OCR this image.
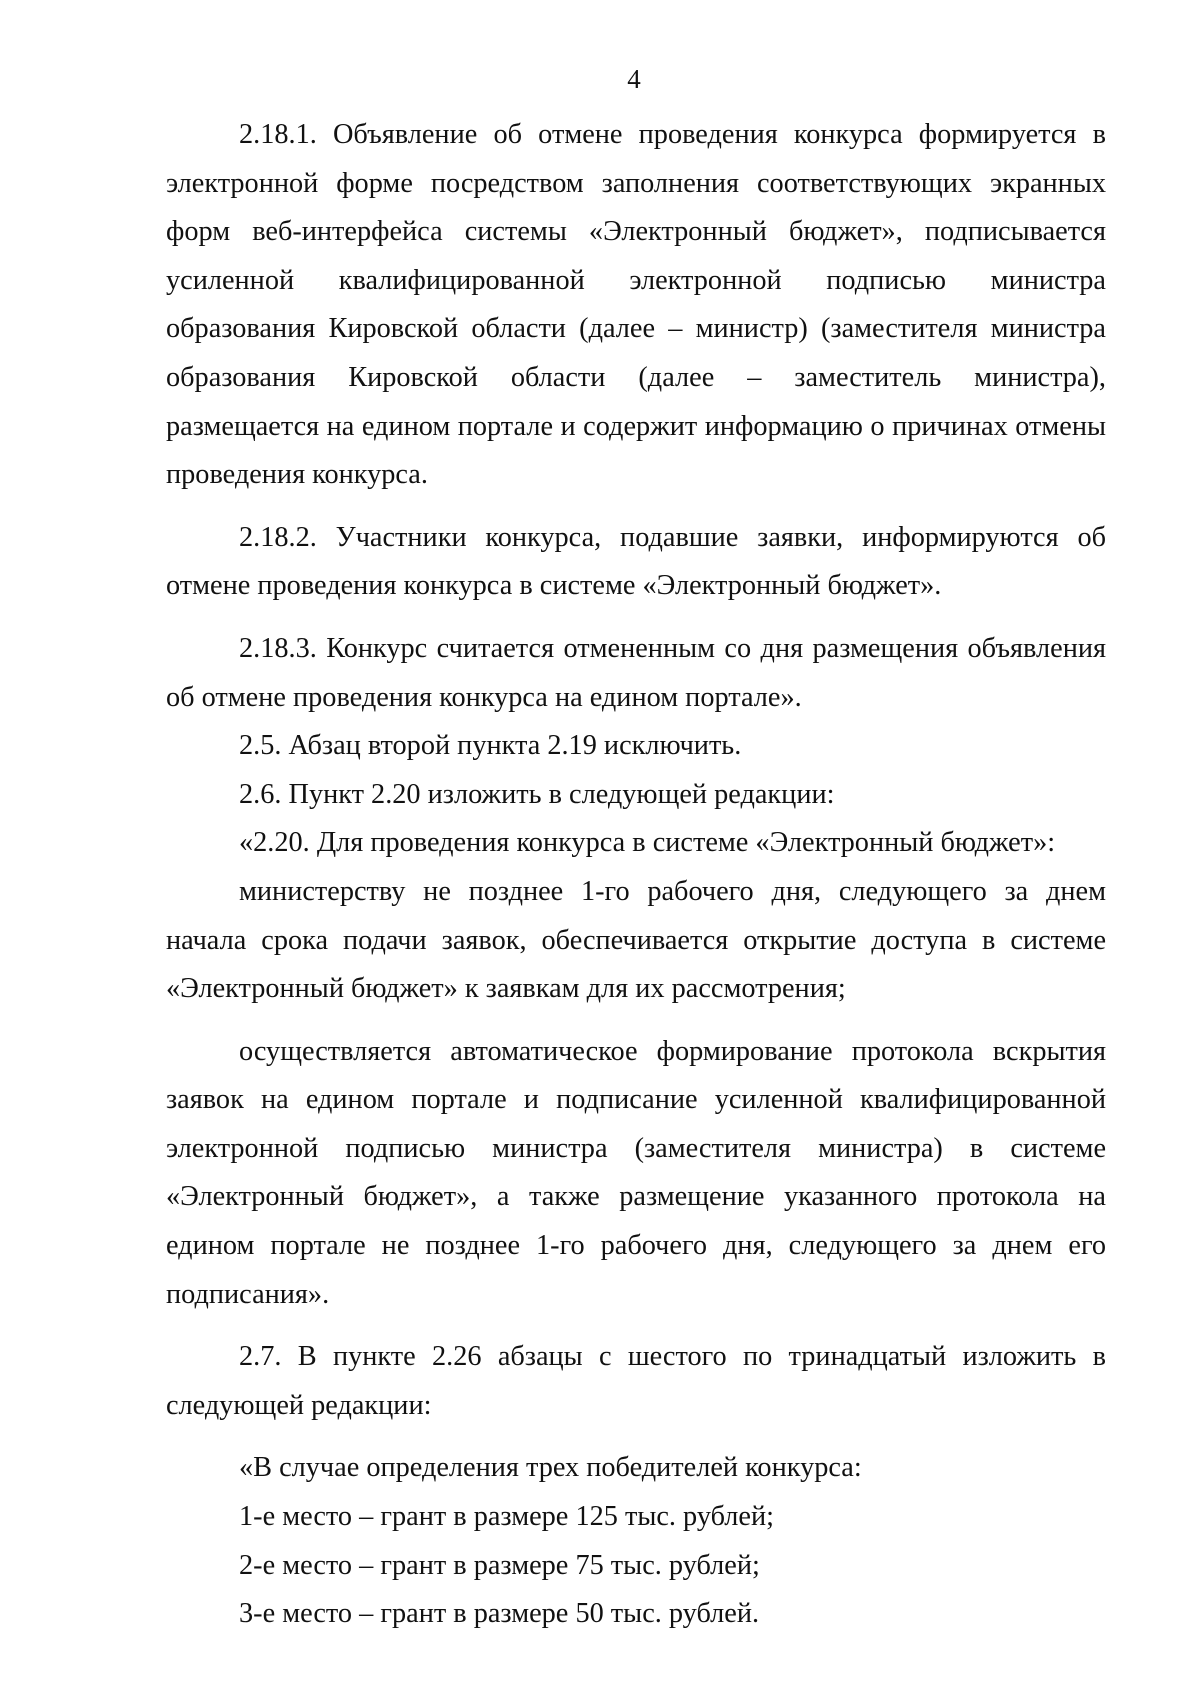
4

2.18.1. Объявление об отмене проведения конкурса формируется в электронной форме посредством заполнения соответствующих экранных форм веб-интерфейса системы «Электронный бюджет», подписывается усиленной квалифицированной электронной подписью министра образования Кировской области (далее – министр) (заместителя министра образования Кировской области (далее – заместитель министра), размещается на едином портале и содержит информацию о причинах отмены проведения конкурса.

2.18.2. Участники конкурса, подавшие заявки, информируются об отмене проведения конкурса в системе «Электронный бюджет».

2.18.3. Конкурс считается отмененным со дня размещения объявления об отмене проведения конкурса на едином портале».

2.5. Абзац второй пункта 2.19 исключить.

2.6. Пункт 2.20 изложить в следующей редакции:

«2.20. Для проведения конкурса в системе «Электронный бюджет»:

министерству не позднее 1-го рабочего дня, следующего за днем начала срока подачи заявок, обеспечивается открытие доступа в системе «Электронный бюджет» к заявкам для их рассмотрения;

осуществляется автоматическое формирование протокола вскрытия заявок на едином портале и подписание усиленной квалифицированной электронной подписью министра (заместителя министра) в системе «Электронный бюджет», а также размещение указанного протокола на едином портале не позднее 1-го рабочего дня, следующего за днем его подписания».

2.7. В пункте 2.26 абзацы с шестого по тринадцатый изложить в следующей редакции:

«В случае определения трех победителей конкурса:

1-е место – грант в размере 125 тыс. рублей;

2-е место – грант в размере 75 тыс. рублей;

3-е место – грант в размере 50 тыс. рублей.
